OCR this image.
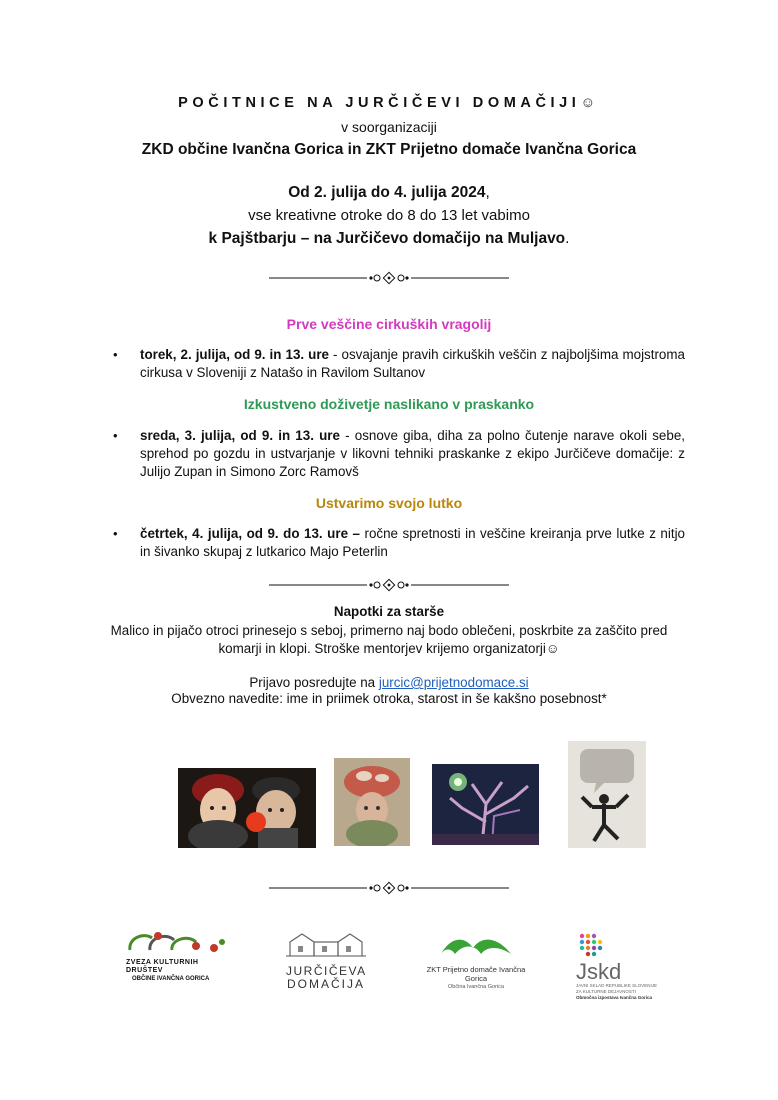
POČITNICE NA JURČIČEVI DOMAČIJI☺
v soorganizaciji
ZKD občine Ivančna Gorica in ZKT Prijetno domače Ivančna Gorica
Od 2. julija do 4. julija 2024,
vse kreativne otroke do 8 do 13 let vabimo
k Pajštbarju – na Jurčičevo domačijo na Muljavo.
Prve veščine cirkuških vragolij
• torek, 2. julija, od 9. in 13. ure - osvajanje pravih cirkuških veščin z najboljšima mojstroma cirkusa v Sloveniji z Natašo in Ravilom Sultanov
Izkustveno doživetje naslikano v praskanko
• sreda, 3. julija, od 9. in 13. ure - osnove giba, diha za polno čutenje narave okoli sebe, sprehod po gozdu in ustvarjanje v likovni tehniki praskanke z ekipo Jurčičeve domačije: z Julijo Zupan in Simono Zorc Ramovš
Ustvarimo svojo lutko
• četrtek, 4. julija, od 9. do 13. ure – ročne spretnosti in veščine kreiranja prve lutke z nitjo in šivanko skupaj z lutkarico Majo Peterlin
Napotki za starše
Malico in pijačo otroci prinesejo s seboj, primerno naj bodo oblečeni, poskrbite za zaščito pred komarji in klopi. Stroške mentorjev krijemo organizatorji☺
Prijavo posredujte na jurcic@prijetnodomace.si
Obvezno navedite: ime in priimek otroka, starost in še kakšno posebnost*
ZVEZA KULTURNIH DRUŠTEV
OBČINE IVANČNA GORICA
JURČIČEVA
DOMAČIJA
ZKT Prijetno domače Ivančna Gorica
Občina Ivančna Gorica
Jskd
JAVNI SKLAD REPUBLIKE SLOVENIJE
ZA KULTURNE DEJAVNOSTI
Območna izpostava Ivančna Gorica
